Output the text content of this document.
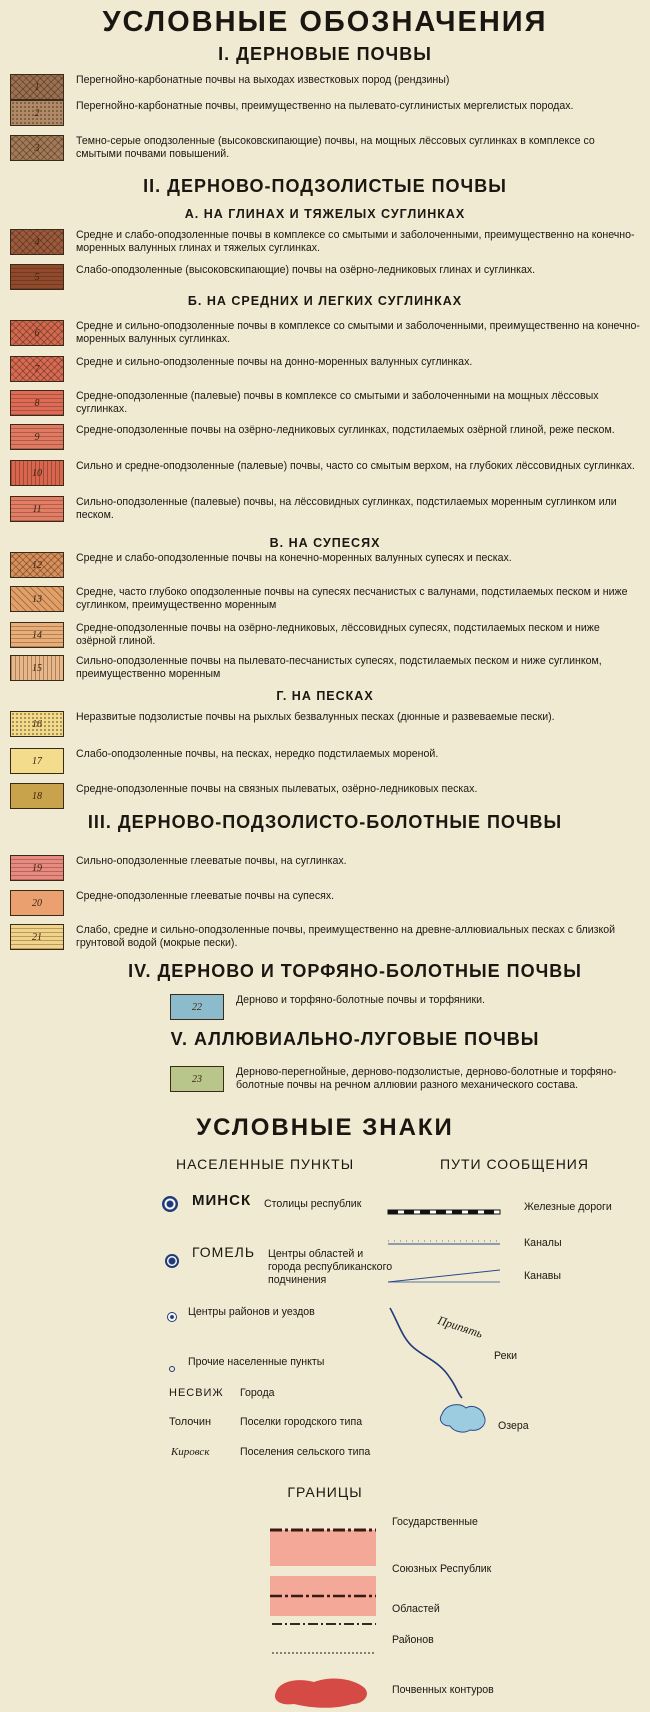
УСЛОВНЫЕ ОБОЗНАЧЕНИЯ
I. ДЕРНОВЫЕ ПОЧВЫ
1
Перегнойно-карбонатные почвы на выходах известковых пород (рендзины)
2
Перегнойно-карбонатные почвы, преимущественно на пылевато-суглинистых мергелистых породах.
3
Темно-серые оподзоленные (высоковскипающие) почвы, на мощных лёссовых суглинках в комплексе со смытыми почвами повышений.
4
Средне и слабо-оподзоленные почвы в комплексе со смытыми и заболоченными, преимущественно на конечно-моренных валунных глинах и тяжелых суглинках.
5
Слабо-оподзоленные (высоковскипающие) почвы на озёрно-ледниковых глинах и суглинках.
6
Средне и сильно-оподзоленные почвы в комплексе со смытыми и заболоченными, преимущественно на конечно-моренных валунных суглинках.
7
Средне и сильно-оподзоленные почвы на донно-моренных валунных суглинках.
8
Средне-оподзоленные (палевые) почвы в комплексе со смытыми и заболоченными на мощных лёссовых суглинках.
9
Средне-оподзоленные почвы на озёрно-ледниковых суглинках, подстилаемых озёрной глиной, реже песком.
10
Сильно и средне-оподзоленные (палевые) почвы, часто со смытым верхом, на глубоких лёссовидных суглинках.
11
Сильно-оподзоленные (палевые) почвы, на лёссовидных суглинках, подстилаемых моренным суглинком или песком.
12
Средне и слабо-оподзоленные почвы на конечно-моренных валунных супесях и песках.
13
Средне, часто глубоко оподзоленные почвы на супесях песчанистых с валунами, подстилаемых песком и ниже суглинком, преимущественно моренным
14
Средне-оподзоленные почвы на озёрно-ледниковых, лёссовидных супесях, подстилаемых песком и ниже озёрной глиной.
15
Сильно-оподзоленные почвы на пылевато-песчанистых супесях, подстилаемых песком и ниже суглинком, преимущественно моренным
16
Неразвитые подзолистые почвы на рыхлых безвалунных песках (дюнные и развеваемые пески).
17
Слабо-оподзоленные почвы, на песках, нередко подстилаемых мореной.
18
Средне-оподзоленные почвы на связных пылеватых, озёрно-ледниковых песках.
19
Сильно-оподзоленные глееватые почвы, на суглинках.
20
Средне-оподзоленные глееватые почвы на супесях.
21
Слабо, средне и сильно-оподзоленные почвы, преимущественно на древне-аллювиальных песках с близкой грунтовой водой (мокрые пески).
22
Дерново и торфяно-болотные почвы и торфяники.
23
Дерново-перегнойные, дерново-подзолистые, дерново-болотные и торфяно-болотные почвы на речном аллювии разного механического состава.
II. ДЕРНОВО-ПОДЗОЛИСТЫЕ ПОЧВЫ
А. НА ГЛИНАХ И ТЯЖЕЛЫХ СУГЛИНКАХ
Б. НА СРЕДНИХ И ЛЕГКИХ СУГЛИНКАХ
В. НА СУПЕСЯХ
Г. НА ПЕСКАХ
III. ДЕРНОВО-ПОДЗОЛИСТО-БОЛОТНЫЕ ПОЧВЫ
IV. ДЕРНОВО И ТОРФЯНО-БОЛОТНЫЕ ПОЧВЫ
V. АЛЛЮВИАЛЬНО-ЛУГОВЫЕ ПОЧВЫ
УСЛОВНЫЕ ЗНАКИ
НАСЕЛЕННЫЕ ПУНКТЫ	ПУТИ СООБЩЕНИЯ
МИНСК Столицы республик
ГОМЕЛЬ Центры областей и города республиканского подчинения
Центры районов и уездов
Прочие населенные пункты
НЕСВИЖ Города
Толочин	Поселки городского типа
Кировск	Поселения сельского типа
Железные дороги
Каналы
Канавы
Припять
Реки
Озера
ГРАНИЦЫ
Государственные
Союзных Республик
Областей
Районов
Почвенных контуров
